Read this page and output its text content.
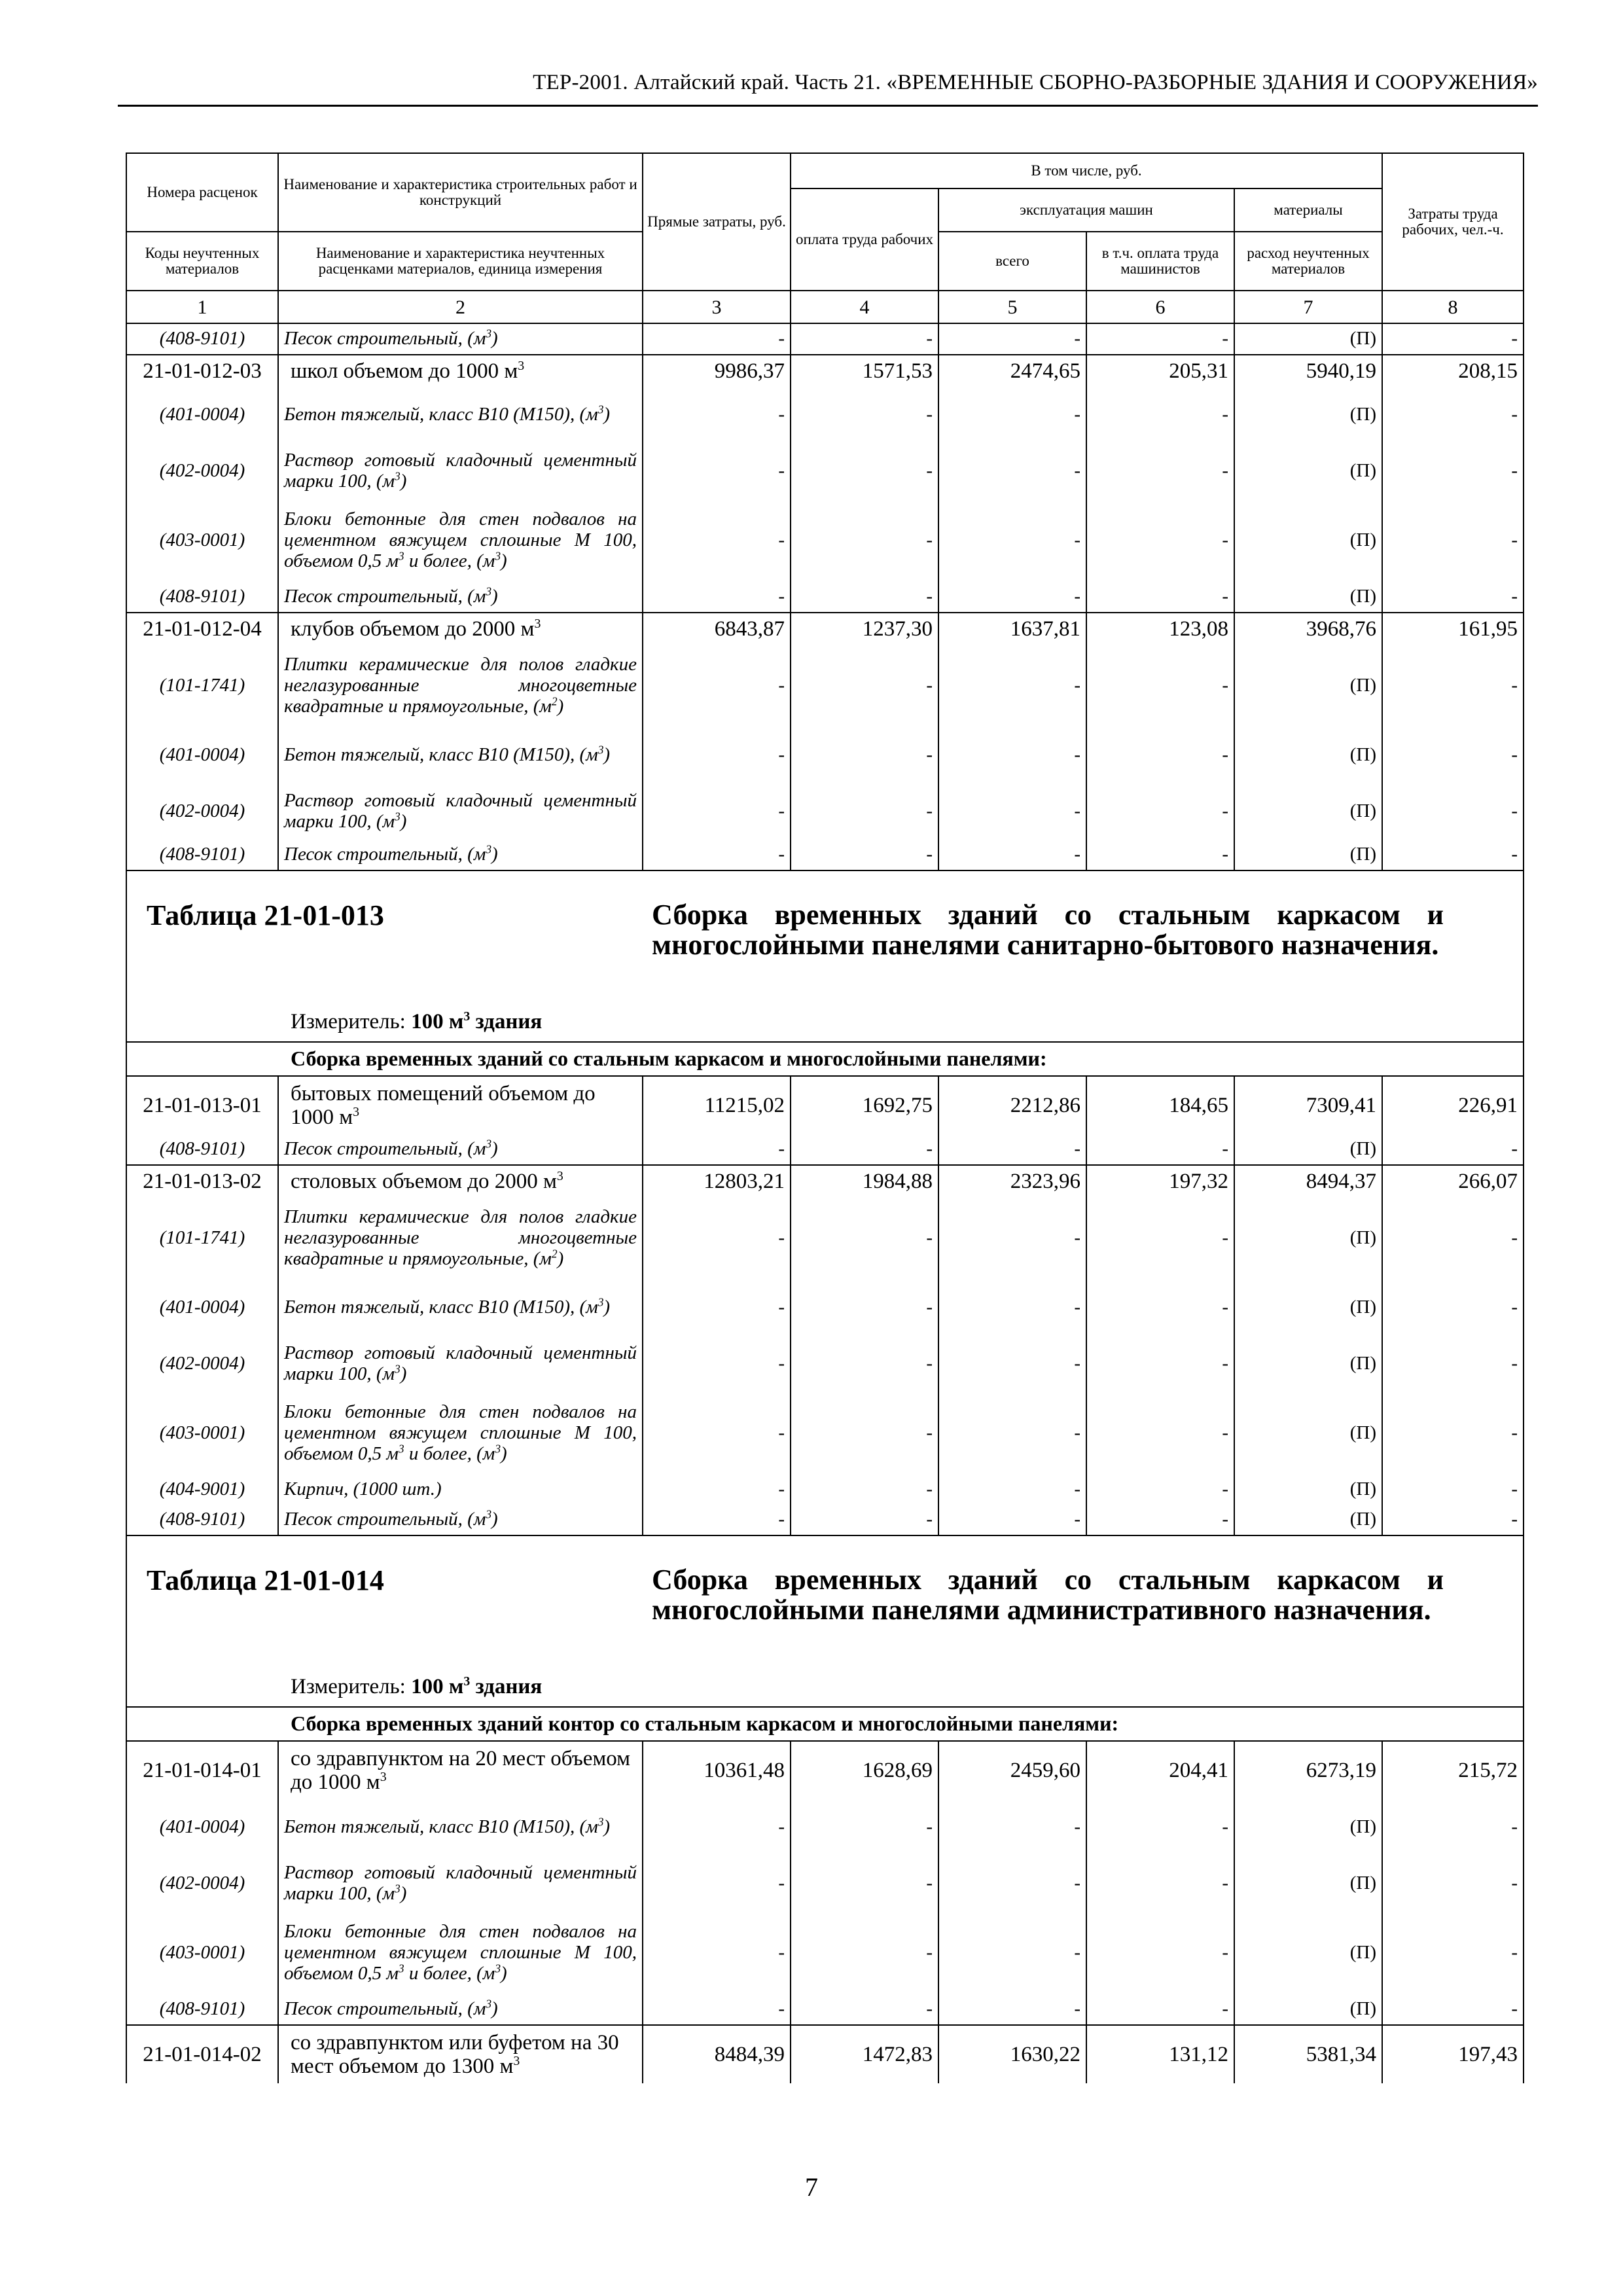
ТЕР-2001. Алтайский край. Часть 21. «ВРЕМЕННЫЕ СБОРНО-РАЗБОРНЫЕ ЗДАНИЯ И СООРУЖЕНИЯ»
Номера расценок	Наименование и характеристика строительных работ и конструкций	Прямые затраты, руб.	В том числе, руб.				Затраты труда рабочих, чел.-ч.
			оплата труда рабочих	эксплуатация машин		материалы	
Коды неучтенных материалов	Наименование и характеристика неучтенных расценками материалов, единица измерения			всего	в т.ч. оплата труда машинистов	расход неучтенных материалов	
1	2	3	4	5	6	7	8
(408-9101)	Песок строительный, $(м^3)$	-	-	-	-	(П)	-
21-01-012-03	школ объемом до 1000 $м^3$	9986,37	1571,53	2474,65	205,31	5940,19	208,15
(401-0004)	Бетон тяжелый, класс В10 (М150), $(м^3)$	-	-	-	-	(П)	-
(402-0004)	Раствор готовый кладочный цементный марки 100, $(м^3)$	-	-	-	-	(П)	-
(403-0001)	Блоки бетонные для стен подвалов на цементном вяжущем сплошные М 100, объемом 0,5 $м^3$ и более, $(м^3)$	-	-	-	-	(П)	-
(408-9101)	Песок строительный, $(м^3)$	-	-	-	-	(П)	-
21-01-012-04	клубов объемом до 2000 $м^3$	6843,87	1237,30	1637,81	123,08	3968,76	161,95
(101-1741)	Плитки керамические для полов гладкие неглазурованные многоцветные квадратные и прямоугольные, $(м^2)$	-	-	-	-	(П)	-
(401-0004)	Бетон тяжелый, класс В10 (М150), $(м^3)$	-	-	-	-	(П)	-
(402-0004)	Раствор готовый кладочный цементный марки 100, $(м^3)$	-	-	-	-	(П)	-
(408-9101)	Песок строительный, $(м^3)$	-	-	-	-	(П)	-

Таблица 21-01-013 Сборка временных зданий со стальным каркасом и многослойными панелями санитарно-бытового назначения.
Измеритель: 100 $м^3$ здания							

Сборка временных зданий со стальным каркасом и многослойными панелями:							
21-01-013-01	бытовых помещений объемом до 1000 $м^3$	11215,02	1692,75	2212,86	184,65	7309,41	226,91
(408-9101)	Песок строительный, $(м^3)$	-	-	-	-	(П)	-
21-01-013-02	столовых объемом до 2000 $м^3$	12803,21	1984,88	2323,96	197,32	8494,37	266,07
(101-1741)	Плитки керамические для полов гладкие неглазурованные многоцветные квадратные и прямоугольные, $(м^2)$	-	-	-	-	(П)	-
(401-0004)	Бетон тяжелый, класс В10 (М150), $(м^3)$	-	-	-	-	(П)	-
(402-0004)	Раствор готовый кладочный цементный марки 100, $(м^3)$	-	-	-	-	(П)	-
(403-0001)	Блоки бетонные для стен подвалов на цементном вяжущем сплошные М 100, объемом 0,5 $м^3$ и более, $(м^3)$	-	-	-	-	(П)	-
(404-9001)	Кирпич, (1000 шт.)	-	-	-	-	(П)	-
(408-9101)	Песок строительный, $(м^3)$	-	-	-	-	(П)	-

Таблица 21-01-014 Сборка временных зданий со стальным каркасом и многослойными панелями административного назначения.
Измеритель: 100 $м^3$ здания							

Сборка временных зданий контор со стальным каркасом и многослойными панелями:							
21-01-014-01	со здравпунктом на 20 мест объемом до 1000 $м^3$	10361,48	1628,69	2459,60	204,41	6273,19	215,72
(401-0004)	Бетон тяжелый, класс В10 (М150), $(м^3)$	-	-	-	-	(П)	-
(402-0004)	Раствор готовый кладочный цементный марки 100, $(м^3)$	-	-	-	-	(П)	-
(403-0001)	Блоки бетонные для стен подвалов на цементном вяжущем сплошные М 100, объемом 0,5 $м^3$ и более, $(м^3)$	-	-	-	-	(П)	-
(408-9101)	Песок строительный, $(м^3)$	-	-	-	-	(П)	-
21-01-014-02	со здравпунктом или буфетом на 30 мест объемом до 1300 $м^3$	8484,39	1472,83	1630,22	131,12	5381,34	197,43
7
